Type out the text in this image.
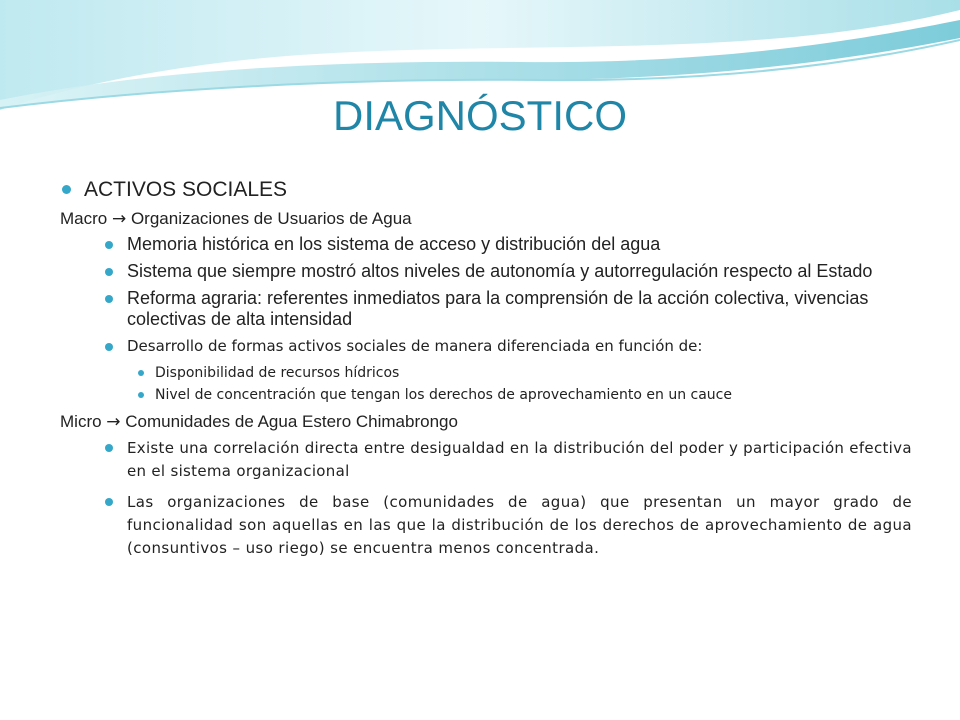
DIAGNÓSTICO
ACTIVOS SOCIALES
Macro → Organizaciones de Usuarios de Agua
Memoria histórica en los sistema de acceso y distribución del agua
Sistema que siempre mostró altos niveles de autonomía y autorregulación respecto al Estado
Reforma agraria: referentes inmediatos para la comprensión de la acción colectiva, vivencias colectivas de alta intensidad
Desarrollo de formas activos sociales de manera diferenciada en función de:
Disponibilidad de recursos hídricos
Nivel de concentración que tengan los derechos de aprovechamiento en un cauce
Micro → Comunidades de Agua Estero Chimabrongo
Existe una correlación directa entre desigualdad en la distribución del poder y participación efectiva en el sistema organizacional
Las organizaciones de base (comunidades de agua) que presentan un mayor grado de funcionalidad son aquellas en las que la distribución de los derechos de aprovechamiento de agua (consuntivos – uso riego) se encuentra menos concentrada.
